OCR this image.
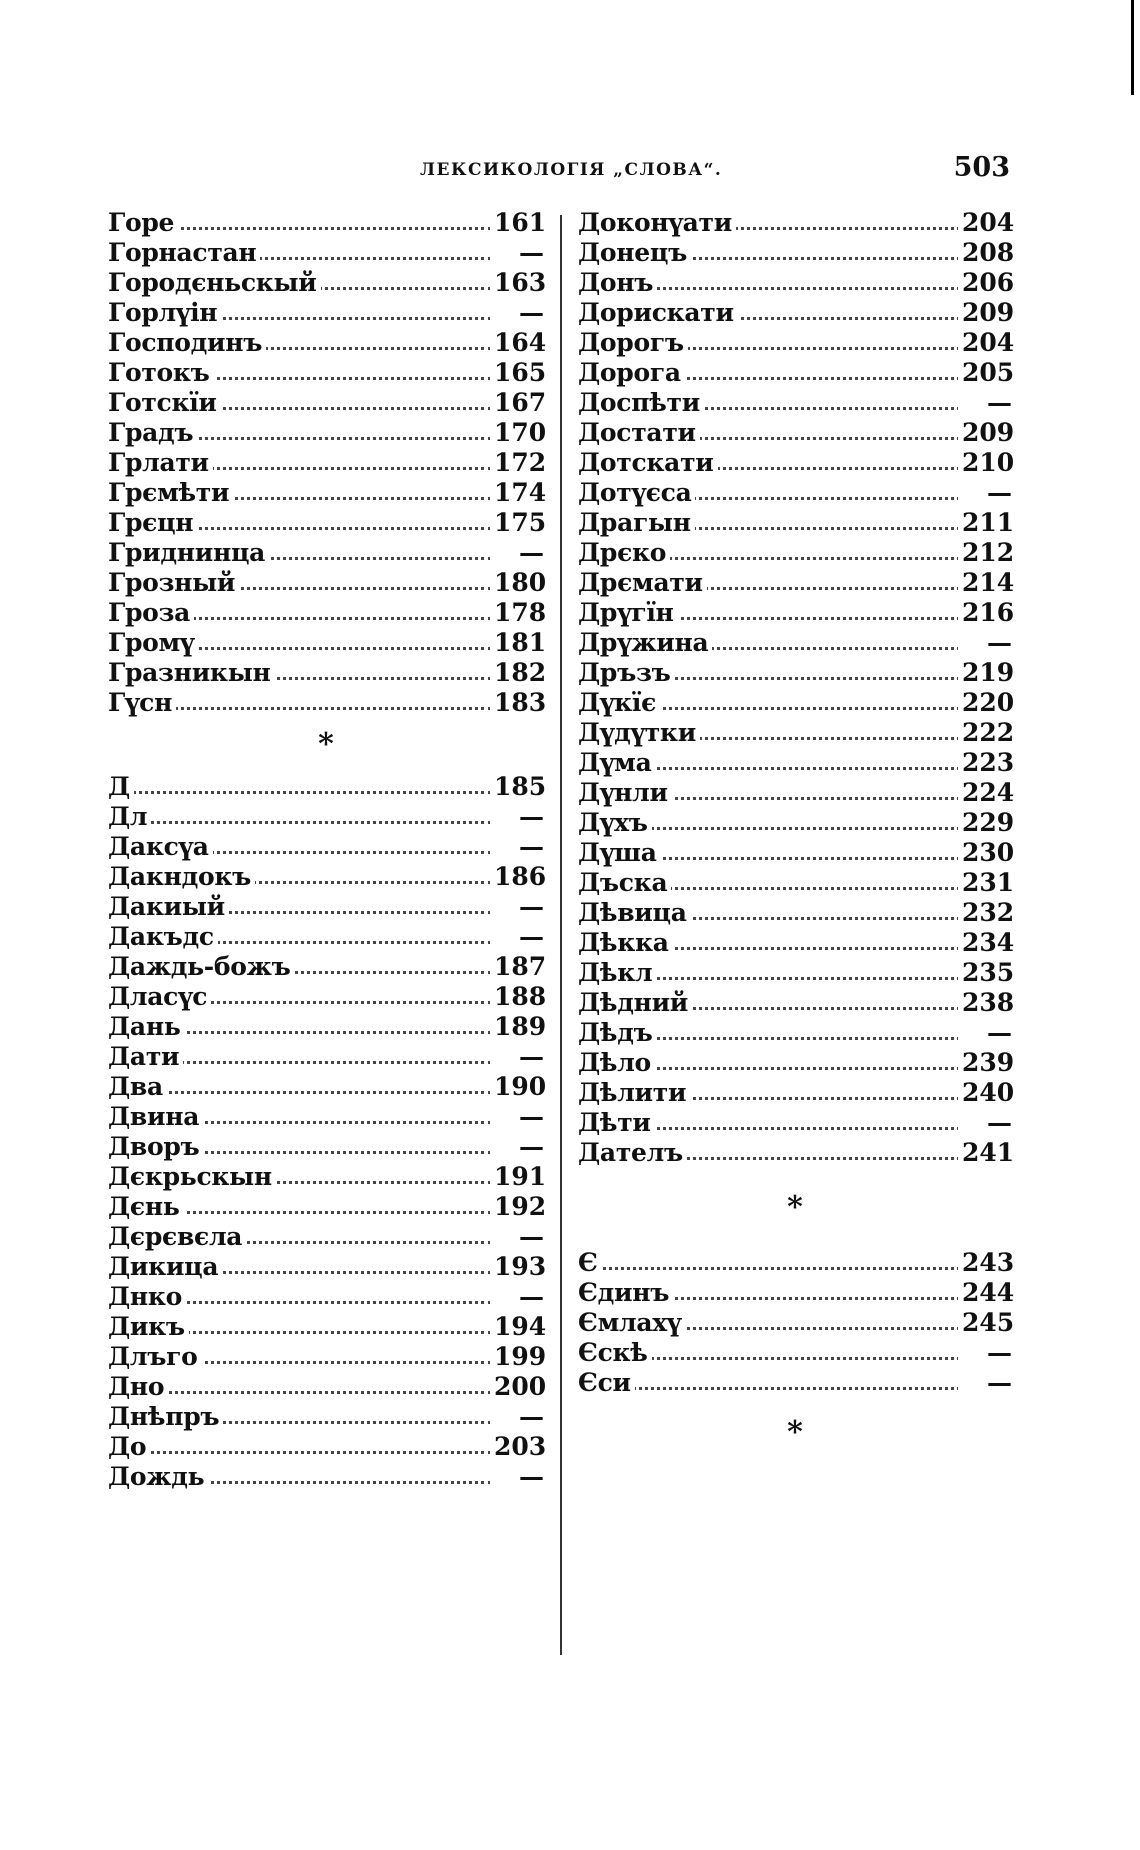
ЛЕКСИКОЛОГІЯ „СЛОВА“.	503
Горе	161
Горнастан	—
Городєньскый	163
Горлүін	—
Господинъ	164
Готокъ	165
Готскїи	167
Градъ	170
Грлати	172
Грємѣти	174
Грєцн	175
Гриднинца	—
Грозный	180
Гроза	178
Громү	181
Гразникын	182
Гүсн	183
*
Д	185
Дл	—
Даксүа	—
Дакндокъ	186
Дакиый	—
Дакъдс	—
Даждь-божъ	187
Дласүс	188
Дань	189
Дати	—
Два	190
Двина	—
Двоpъ	—
Дєкрьскын	191
Дєнь	192
Дєрєвєла	—
Дикица	193
Днко	—
Дикъ	194
Длъго	199
Дно	200
Днѣпръ	—
До	203
Дождь	—
Доконүати	204
Донецъ	208
Донъ	206
Дорискати	209
Дорогъ	204
Дорога	205
Доспѣти	—
Достати	209
Дотскати	210
Дотүєса	—
Драгын	211
Дрєко	212
Дрємати	214
Дрүгїн	216
Дрүжина	—
Дръзъ	219
Дүкїє	220
Дүдүтки	222
Дүма	223
Дүнли	224
Дүхъ	229
Дүша	230
Дъска	231
Дѣвица	232
Дѣкка	234
Дѣкл	235
Дѣдний	238
Дѣдъ	—
Дѣло	239
Дѣлити	240
Дѣти	—
Дателъ	241
*
Є	243
Єдинъ	244
Ємлахү	245
Єскѣ	—
Єси	—
*
